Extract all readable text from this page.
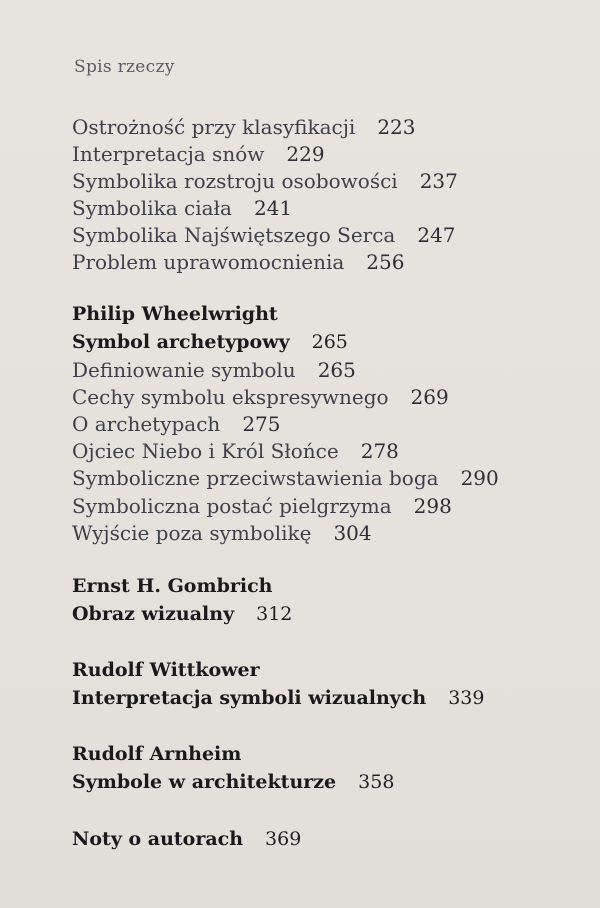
Spis rzeczy
Ostrożność przy klasyfikacji 223
Interpretacja snów 229
Symbolika rozstroju osobowości 237
Symbolika ciała 241
Symbolika Najświętszego Serca 247
Problem uprawomocnienia 256
Philip Wheelwright
Symbol archetypowy 265
Definiowanie symbolu 265
Cechy symbolu ekspresywnego 269
O archetypach 275
Ojciec Niebo i Król Słońce 278
Symboliczne przeciwstawienia boga 290
Symboliczna postać pielgrzyma 298
Wyjście poza symbolikę 304
Ernst H. Gombrich
Obraz wizualny 312
Rudolf Wittkower
Interpretacja symboli wizualnych 339
Rudolf Arnheim
Symbole w architekturze 358
Noty o autorach 369
